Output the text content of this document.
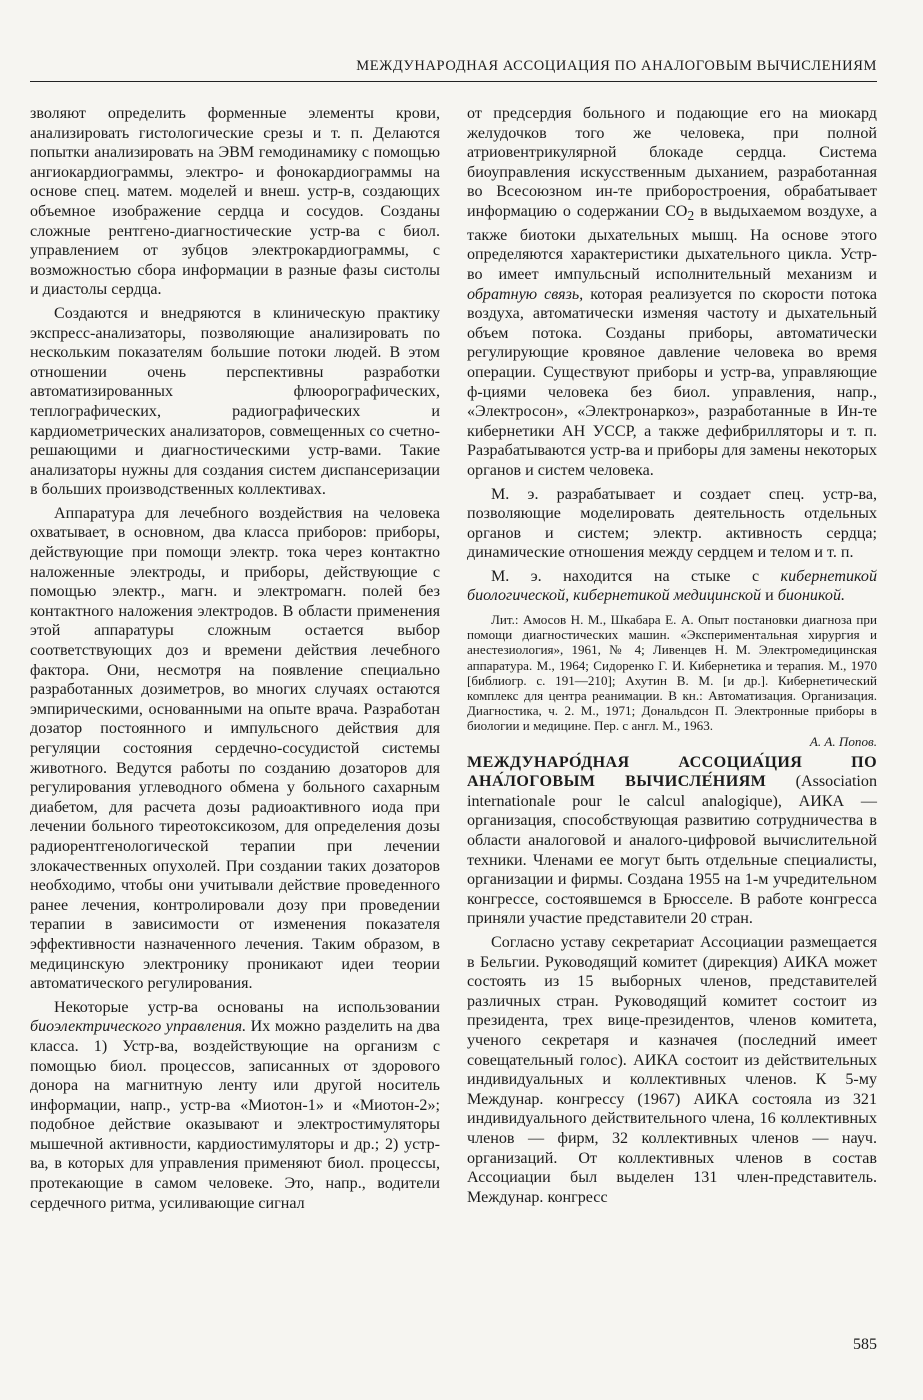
МЕЖДУНАРОДНАЯ АССОЦИАЦИЯ ПО АНАЛОГОВЫМ ВЫЧИСЛЕНИЯМ

зволяют определить форменные элементы крови, анализировать гистологические срезы и т. п. Делаются попытки анализировать на ЭВМ гемодинамику с помощью ангиокардиограммы, электро- и фонокардиограммы на основе спец. матем. моделей и внеш. устр-в, создающих объемное изображение сердца и сосудов. Созданы сложные рентгено-диагностические устр-ва с биол. управлением от зубцов электрокардиограммы, с возможностью сбора информации в разные фазы систолы и диастолы сердца.

Создаются и внедряются в клиническую практику экспресс-анализаторы, позволяющие анализировать по нескольким показателям большие потоки людей. В этом отношении очень перспективны разработки автоматизированных флюорографических, теплографических, радиографических и кардиометрических анализаторов, совмещенных со счетно-решающими и диагностическими устр-вами. Такие анализаторы нужны для создания систем диспансеризации в больших производственных коллективах.

Аппаратура для лечебного воздействия на человека охватывает, в основном, два класса приборов: приборы, действующие при помощи электр. тока через контактно наложенные электроды, и приборы, действующие с помощью электр., магн. и электромагн. полей без контактного наложения электродов. В области применения этой аппаратуры сложным остается выбор соответствующих доз и времени действия лечебного фактора. Они, несмотря на появление специально разработанных дозиметров, во многих случаях остаются эмпирическими, основанными на опыте врача. Разработан дозатор постоянного и импульсного действия для регуляции состояния сердечно-сосудистой системы животного. Ведутся работы по созданию дозаторов для регулирования углеводного обмена у больного сахарным диабетом, для расчета дозы радиоактивного иода при лечении больного тиреотоксикозом, для определения дозы радиорентгенологической терапии при лечении злокачественных опухолей. При создании таких дозаторов необходимо, чтобы они учитывали действие проведенного ранее лечения, контролировали дозу при проведении терапии в зависимости от изменения показателя эффективности назначенного лечения. Таким образом, в медицинскую электронику проникают идеи теории автоматического регулирования.

Некоторые устр-ва основаны на использовании биоэлектрического управления. Их можно разделить на два класса. 1) Устр-ва, воздействующие на организм с помощью биол. процессов, записанных от здорового донора на магнитную ленту или другой носитель информации, напр., устр-ва «Миотон-1» и «Миотон-2»; подобное действие оказывают и электростимуляторы мышечной активности, кардиостимуляторы и др.; 2) устр-ва, в которых для управления применяют биол. процессы, протекающие в самом человеке. Это, напр., водители сердечного ритма, усиливающие сигнал

от предсердия больного и подающие его на миокард желудочков того же человека, при полной атриовентрикулярной блокаде сердца. Система биоуправления искусственным дыханием, разработанная во Всесоюзном ин-те приборостроения, обрабатывает информацию о содержании $CO_2$ в выдыхаемом воздухе, а также биотоки дыхательных мышц. На основе этого определяются характеристики дыхательного цикла. Устр-во имеет импульсный исполнительный механизм и обратную связь, которая реализуется по скорости потока воздуха, автоматически изменяя частоту и дыхательный объем потока. Созданы приборы, автоматически регулирующие кровяное давление человека во время операции. Существуют приборы и устр-ва, управляющие ф-циями человека без биол. управления, напр., «Электросон», «Электронаркоз», разработанные в Ин-те кибернетики АН УССР, а также дефибрилляторы и т. п. Разрабатываются устр-ва и приборы для замены некоторых органов и систем человека.

М. э. разрабатывает и создает спец. устр-ва, позволяющие моделировать деятельность отдельных органов и систем; электр. активность сердца; динамические отношения между сердцем и телом и т. п.

М. э. находится на стыке с кибернетикой биологической, кибернетикой медицинской и бионикой.

Лит.: Амосов Н. М., Шкабара Е. А. Опыт постановки диагноза при помощи диагностических машин. «Экспериментальная хирургия и анестезиология», 1961, № 4; Ливенцев Н. М. Электромедицинская аппаратура. М., 1964; Сидоренко Г. И. Кибернетика и терапия. М., 1970 [библиогр. с. 191—210]; Ахутин В. М. [и др.]. Кибернетический комплекс для центра реанимации. В кн.: Автоматизация. Организация. Диагностика, ч. 2. М., 1971; Дональдсон П. Электронные приборы в биологии и медицине. Пер. с англ. М., 1963.

А. А. Попов.

МЕЖДУНАРО́ДНАЯ АССОЦИА́ЦИЯ ПО АНА́ЛОГОВЫМ ВЫЧИСЛЕ́НИЯМ (Association internationale pour le calcul analogique), АИКА — организация, способствующая развитию сотрудничества в области аналоговой и аналого-цифровой вычислительной техники. Членами ее могут быть отдельные специалисты, организации и фирмы. Создана 1955 на 1-м учредительном конгрессе, состоявшемся в Брюсселе. В работе конгресса приняли участие представители 20 стран.

Согласно уставу секретариат Ассоциации размещается в Бельгии. Руководящий комитет (дирекция) АИКА может состоять из 15 выборных членов, представителей различных стран. Руководящий комитет состоит из президента, трех вице-президентов, членов комитета, ученого секретаря и казначея (последний имеет совещательный голос). АИКА состоит из действительных индивидуальных и коллективных членов. К 5-му Междунар. конгрессу (1967) АИКА состояла из 321 индивидуального действительного члена, 16 коллективных членов — фирм, 32 коллективных членов — науч. организаций. От коллективных членов в состав Ассоциации был выделен 131 член-представитель. Междунар. конгресс

585
